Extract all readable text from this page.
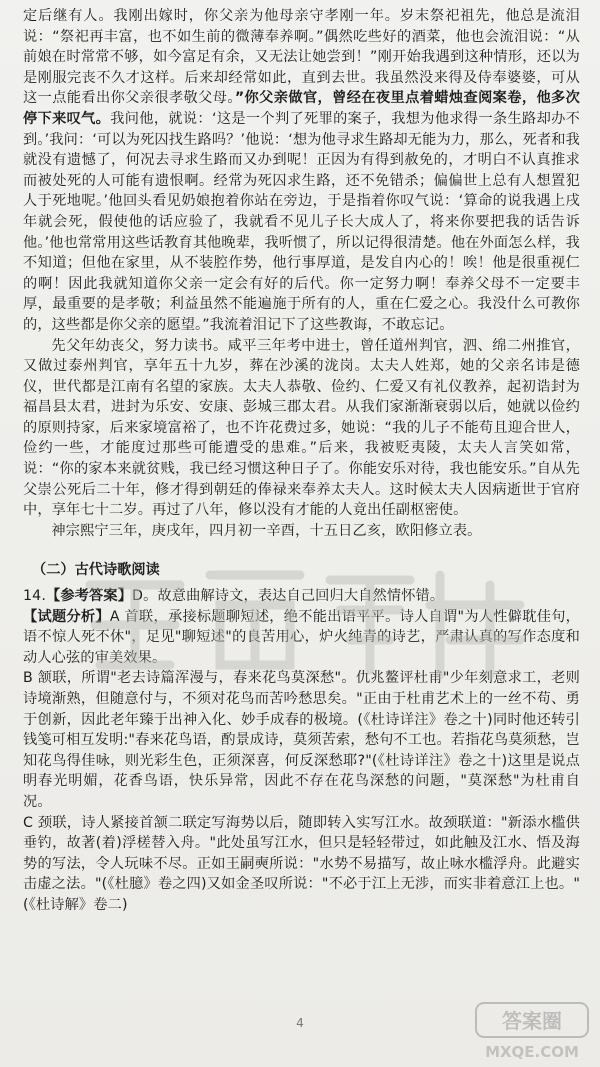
定后继有人。我刚出嫁时，你父亲为他母亲守孝刚一年。岁末祭祀祖先，他总是流泪说：“祭祀再丰富，也不如生前的微薄奉养啊。”偶然吃些好的酒菜，他也会流泪说：“从前娘在时常常不够，如今富足有余，又无法让她尝到！”刚开始我遇到这种情形，还以为是刚服完丧不久才这样。后来却经常如此，直到去世。我虽然没来得及侍奉婆婆，可从这一点能看出你父亲很孝敬父母。”你父亲做官，曾经在夜里点着蜡烛查阅案卷，他多次停下来叹气。我问他，就说：‘这是一个判了死罪的案子，我想为他求得一条生路却办不到。’我问：‘可以为死囚找生路吗？’他说：‘想为他寻求生路却无能为力，那么，死者和我就没有遗憾了，何况去寻求生路而又办到呢！正因为有得到赦免的，才明白不认真推求而被处死的人可能有遗恨啊。经常为死囚求生路，还不免错杀；偏偏世上总有人想置犯人于死地呢。’他回头看见奶娘抱着你站在旁边，于是指着你叹气说：‘算命的说我遇上戌年就会死，假使他的话应验了，我就看不见儿子长大成人了，将来你要把我的话告诉他。’他也常常用这些话教育其他晚辈，我听惯了，所以记得很清楚。他在外面怎么样，我不知道；但他在家里，从不装腔作势，他行事厚道，是发自内心的！唉！他是很重视仁的啊！因此我就知道你父亲一定会有好的后代。你一定努力啊！奉养父母不一定要丰厚，最重要的是孝敬；利益虽然不能遍施于所有的人，重在仁爱之心。我没什么可教你的，这些都是你父亲的愿望。”我流着泪记下了这些教诲，不敢忘记。

先父年幼丧父，努力读书。咸平三年考中进士，曾任道州判官，泗、绵二州推官，又做过泰州判官，享年五十九岁，葬在沙溪的泷岗。太夫人姓郑，她的父亲名讳是德仪，世代都是江南有名望的家族。太夫人恭敬、俭约、仁爱又有礼仪教养，起初诰封为福昌县太君，进封为乐安、安康、彭城三郡太君。从我们家渐渐衰弱以后，她就以俭约的原则持家，后来家境富裕了，也不许花费过多，她说：“我的儿子不能苟且迎合世人，俭约一些，才能度过那些可能遭受的患难。”后来，我被贬夷陵，太夫人言笑如常，说：“你的家本来就贫贱，我已经习惯这种日子了。你能安乐对待，我也能安乐。”自从先父崇公死后二十年，修才得到朝廷的俸禄来奉养太夫人。这时候太夫人因病逝世于官府中，享年七十二岁。再过了八年，修以没有才能的人竟出任副枢密使。

神宗熙宁三年，庚戌年，四月初一辛酉，十五日乙亥，欧阳修立表。

（二）古代诗歌阅读

14.【参考答案】D。故意曲解诗文，表达自己回归大自然情怀错。

【试题分析】A 首联，承接标题聊短述，绝不能出语平平。诗人自谓"为人性僻耽佳句，语不惊人死不休"，足见"聊短述"的良苦用心，炉火纯青的诗艺，严肃认真的写作态度和动人心弦的审美效果。

B 颔联，所谓"老去诗篇浑漫与，春来花鸟莫深愁"。仇兆鳌评杜甫"少年刻意求工，老则诗境渐熟，但随意付与，不须对花鸟而苦吟愁思矣。"正由于杜甫艺术上的一丝不苟、勇于创新，因此老年臻于出神入化、妙手成春的极境。(《杜诗详注》卷之十)同时他还转引钱笺可相互发明:"春来花鸟语，酌景成诗，莫须苦索，愁句不工也。若指花鸟莫须愁，岂知花鸟得佳咏，则光彩生色，正须深喜，何反深愁耶?"(《杜诗详注》卷之十)这里是说点明春光明媚，花香鸟语，快乐异常，因此不存在花鸟深愁的问题，"莫深愁"为杜甫自况。

C 颈联，诗人紧接首颔二联定写海势以后，随即转入实写江水。故颈联道："新添水槛供垂钓，故著(着)浮槎替入舟。"此处虽写江水，但只是轻轻带过，如此触及江水、悟及海势的写法，令人玩味不尽。正如王嗣奭所说："水势不易描写，故止咏水槛浮舟。此避实击虚之法。"(《杜臆》卷之四)又如金圣叹所说："不必于江上无涉，而实非着意江上也。"(《杜诗解》卷二)

4	答案圈
MXQE.COM
